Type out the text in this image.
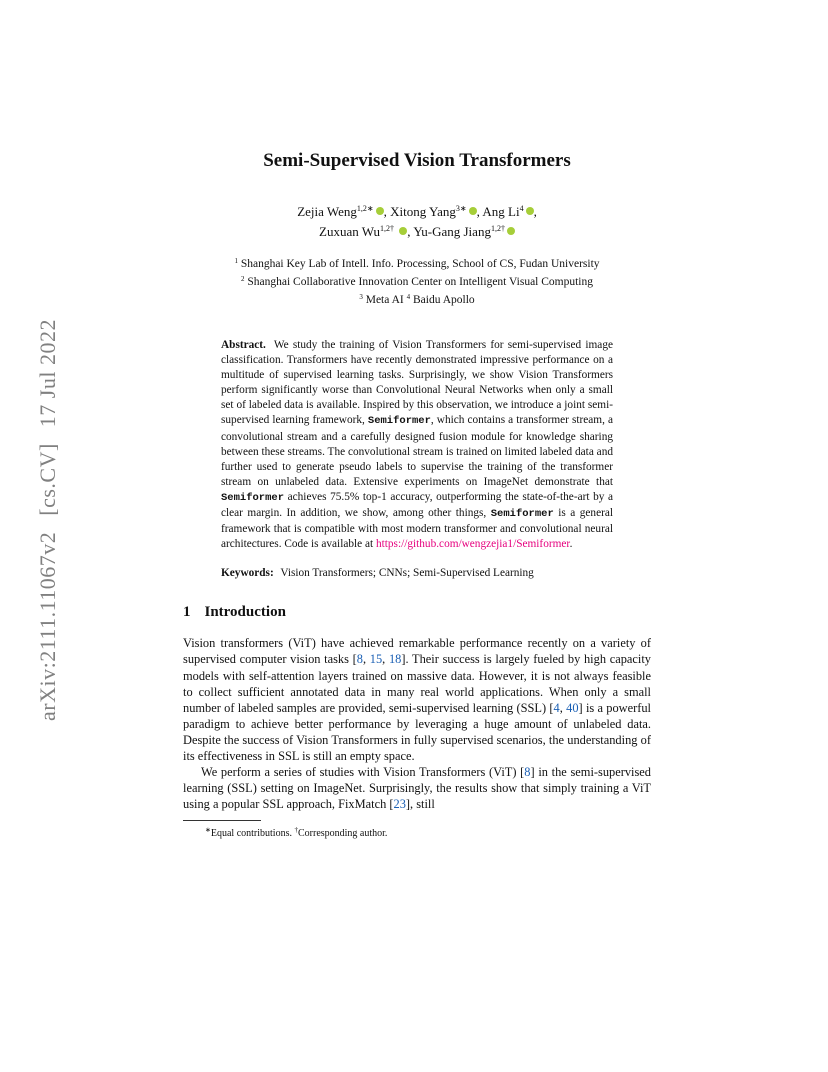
arXiv:2111.11067v2[cs.CV]17 Jul 2022
Semi-Supervised Vision Transformers
Zejia Weng$^{1,2∗}$ , Xitong Yang$^{3∗}$ , Ang Li$^4$ ,
Zuxuan $Wu^{1,2\dagger}$ , Yu-Gang Jiang$^{1,2\dagger}$
$^1$ Shanghai Key Lab of Intell. Info. Processing, School of CS, Fudan University
$^2$ Shanghai Collaborative Innovation Center on Intelligent Visual Computing
$^3$ Meta AI $^4$ Baidu Apollo
Abstract. We study the training of Vision Transformers for semi-supervised image classification. Transformers have recently demonstrated impressive performance on a multitude of supervised learning tasks. Surprisingly, we show Vision Transformers perform significantly worse than Convolutional Neural Networks when only a small set of labeled data is available. Inspired by this observation, we introduce a joint semi-supervised learning framework, Semiformer, which contains a transformer stream, a convolutional stream and a carefully designed fusion module for knowledge sharing between these streams. The convolutional stream is trained on limited labeled data and further used to generate pseudo labels to supervise the training of the transformer stream on unlabeled data. Extensive experiments on ImageNet demonstrate that Semiformer achieves 75.5% top-1 accuracy, outperforming the state-of-the-art by a clear margin. In addition, we show, among other things, Semiformer is a general framework that is compatible with most modern transformer and convolutional neural architectures. Code is available at https://github.com/wengzejia1/Semiformer.
Keywords: Vision Transformers; CNNs; Semi-Supervised Learning
1 Introduction
Vision transformers (ViT) have achieved remarkable performance recently on a variety of supervised computer vision tasks [8, 15, 18]. Their success is largely fueled by high capacity models with self-attention layers trained on massive data. However, it is not always feasible to collect sufficient annotated data in many real world applications. When only a small number of labeled samples are provided, semi-supervised learning (SSL) [4, 40] is a powerful paradigm to achieve better performance by leveraging a huge amount of unlabeled data. Despite the success of Vision Transformers in fully supervised scenarios, the understanding of its effectiveness in SSL is still an empty space.
We perform a series of studies with Vision Transformers (ViT) [8] in the semi-supervised learning (SSL) setting on ImageNet. Surprisingly, the results show that simply training a ViT using a popular SSL approach, FixMatch [23], still
∗Equal contributions. †Corresponding author.
